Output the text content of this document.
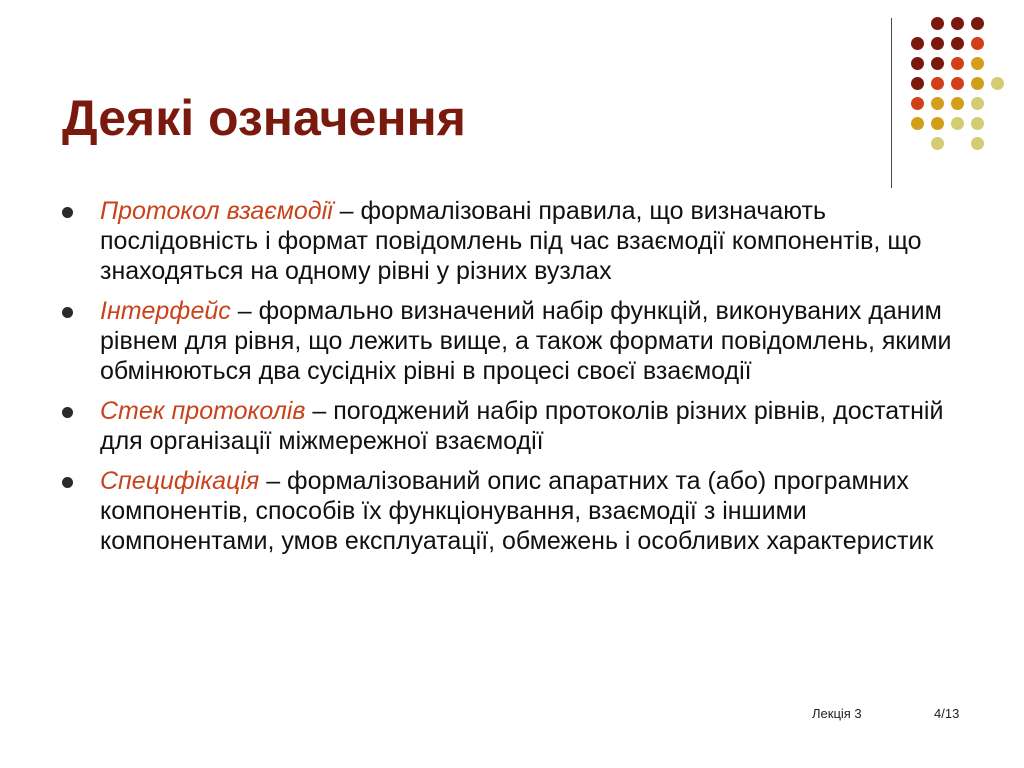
Деякі означення
Протокол взаємодії – формалізовані правила, що визначають послідовність і формат повідомлень під час взаємодії компонентів, що знаходяться на одному рівні у різних вузлах
Інтерфейс – формально визначений набір функцій, виконуваних даним рівнем для рівня, що лежить вище, а також формати повідомлень, якими обмінюються два сусідніх рівні в процесі своєї взаємодії
Стек протоколів – погоджений набір протоколів різних рівнів, достатній для організації міжмережної взаємодії
Специфікація – формалізований опис апаратних та (або) програмних компонентів, способів їх функціонування, взаємодії з іншими компонентами, умов експлуатації, обмежень і особливих характеристик
Лекція 3	4/13
